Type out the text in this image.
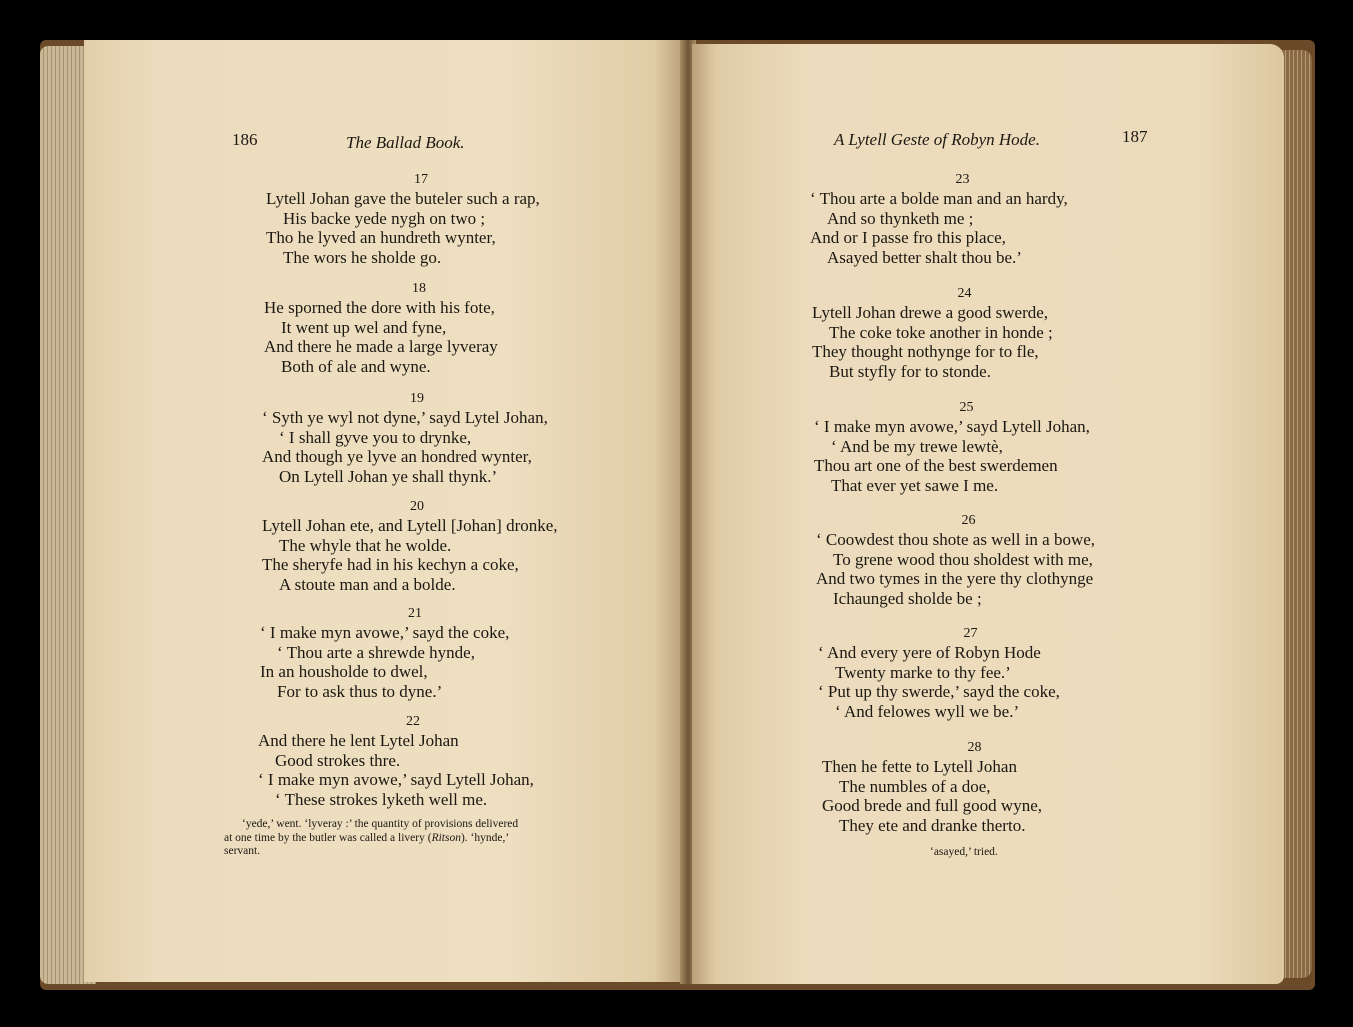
186	The Ballad Book.
17
Lytell Johan gave the buteler such a rap,
His backe yede nygh on two ;
Tho he lyved an hundreth wynter,
The wors he sholde go.
18
He sporned the dore with his fote,
It went up wel and fyne,
And there he made a large lyveray
Both of ale and wyne.
19
‘ Syth ye wyl not dyne,’ sayd Lytel Johan,
‘ I shall gyve you to drynke,
And though ye lyve an hondred wynter,
On Lytell Johan ye shall thynk.’
20
Lytell Johan ete, and Lytell [Johan] dronke,
The whyle that he wolde.
The sheryfe had in his kechyn a coke,
A stoute man and a bolde.
21
‘ I make myn avowe,’ sayd the coke,
‘ Thou arte a shrewde hynde,
In an housholde to dwel,
For to ask thus to dyne.’
22
And there he lent Lytel Johan
Good strokes thre.
‘ I make myn avowe,’ sayd Lytell Johan,
‘ These strokes lyketh well me.
‘yede,’ went. ‘lyveray :’ the quantity of provisions delivered
at one time by the butler was called a livery (Ritson). ‘hynde,’
servant.
A Lytell Geste of Robyn Hode.	187
23
‘ Thou arte a bolde man and an hardy,
And so thynketh me ;
And or I passe fro this place,
Asayed better shalt thou be.’
24
Lytell Johan drewe a good swerde,
The coke toke another in honde ;
They thought nothynge for to fle,
But styfly for to stonde.
25
‘ I make myn avowe,’ sayd Lytell Johan,
‘ And be my trewe lewtè,
Thou art one of the best swerdemen
That ever yet sawe I me.
26
‘ Coowdest thou shote as well in a bowe,
To grene wood thou sholdest with me,
And two tymes in the yere thy clothynge
Ichaunged sholde be ;
27
‘ And every yere of Robyn Hode
Twenty marke to thy fee.’
‘ Put up thy swerde,’ sayd the coke,
‘ And felowes wyll we be.’
28
Then he fette to Lytell Johan
The numbles of a doe,
Good brede and full good wyne,
They ete and dranke therto.
‘asayed,’ tried.
